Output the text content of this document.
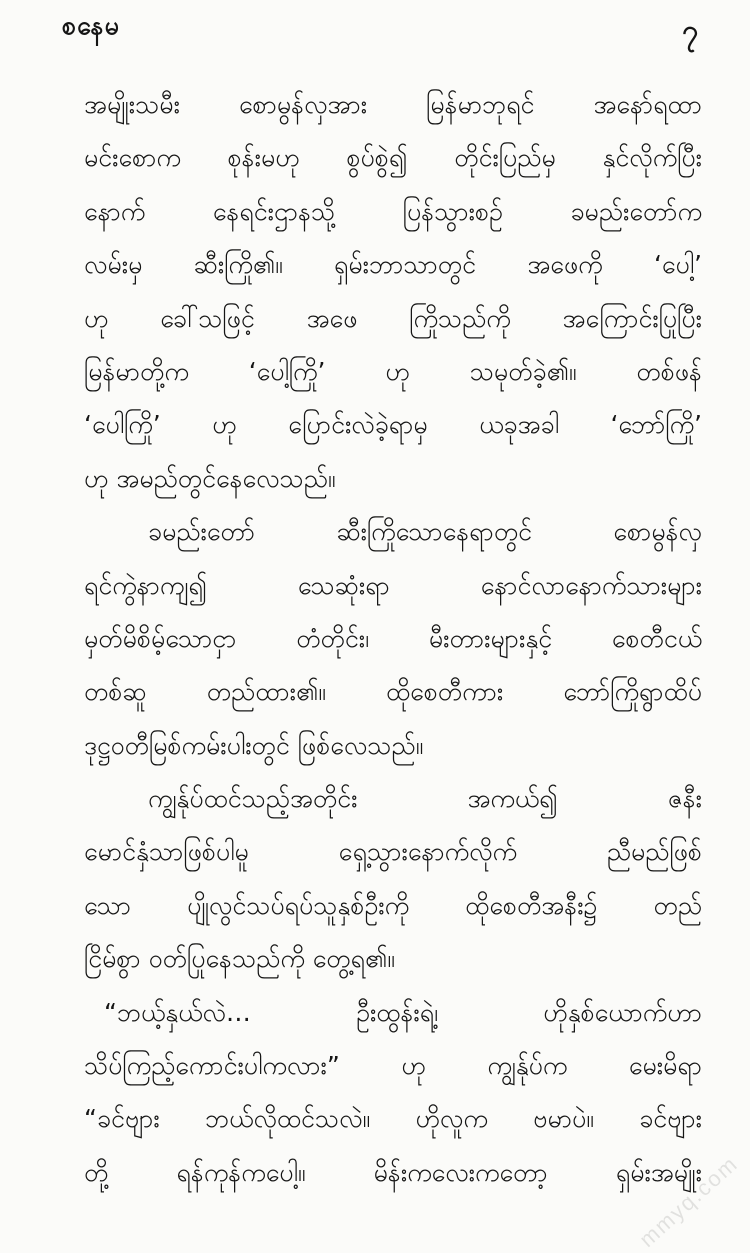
စနေမ	၇
အမျိုးသမီး စောမွန်လှအား မြန်မာဘုရင် အနော်ရထာ
မင်းစောက စုန်းမဟု စွပ်စွဲ၍ တိုင်းပြည်မှ နှင်လိုက်ပြီး
နောက် နေရင်းဌာနသို့ ပြန်သွားစဉ် ခမည်းတော်က
လမ်းမှ ဆီးကြို၏။ ရှမ်းဘာသာတွင် အဖေကို ‘ပေါ့’
ဟု ခေါ်သဖြင့် အဖေ ကြိုသည်ကို အကြောင်းပြုပြီး
မြန်မာတို့က ‘ပေါ့ကြို’ ဟု သမုတ်ခဲ့၏။ တစ်ဖန်
‘ပေါကြို’ ဟု ပြောင်းလဲခဲ့ရာမှ ယခုအခါ ‘ဘော်ကြို’
ဟု အမည်တွင်နေလေသည်။
ခမည်းတော် ဆီးကြိုသောနေရာတွင် စောမွန်လှ
ရင်ကွဲနာကျ၍ သေဆုံးရာ နောင်လာနောက်သားများ
မှတ်မိစိမ့်သောငှာ တံတိုင်း၊ မီးတားများနှင့် စေတီငယ်
တစ်ဆူ တည်ထား၏။ ထိုစေတီကား ဘော်ကြိုရွာထိပ်
ဒုဋ္ဌဝတီမြစ်ကမ်းပါးတွင် ဖြစ်လေသည်။
ကျွန်ုပ်ထင်သည့်အတိုင်း အကယ်၍ ဇနီး
မောင်နှံသာဖြစ်ပါမူ ရှေ့သွားနောက်လိုက် ညီမည်ဖြစ်
သော ပျိုလွင်သပ်ရပ်သူနှစ်ဦးကို ထိုစေတီအနီး၌ တည်
ငြိမ်စွာ ဝတ်ပြုနေသည်ကို တွေ့ရ၏။
“ဘယ့်နှယ်လဲ… ဦးထွန်းရဲ့၊ ဟိုနှစ်ယောက်ဟာ
သိပ်ကြည့်ကောင်းပါကလား” ဟု ကျွန်ုပ်က မေးမိရာ
“ခင်ဗျား ဘယ်လိုထင်သလဲ။ ဟိုလူက ဗမာပဲ။ ခင်ဗျား
တို့ ရန်ကုန်ကပေါ့။ မိန်းကလေးကတော့ ရှမ်းအမျိုး
mmyq.com
